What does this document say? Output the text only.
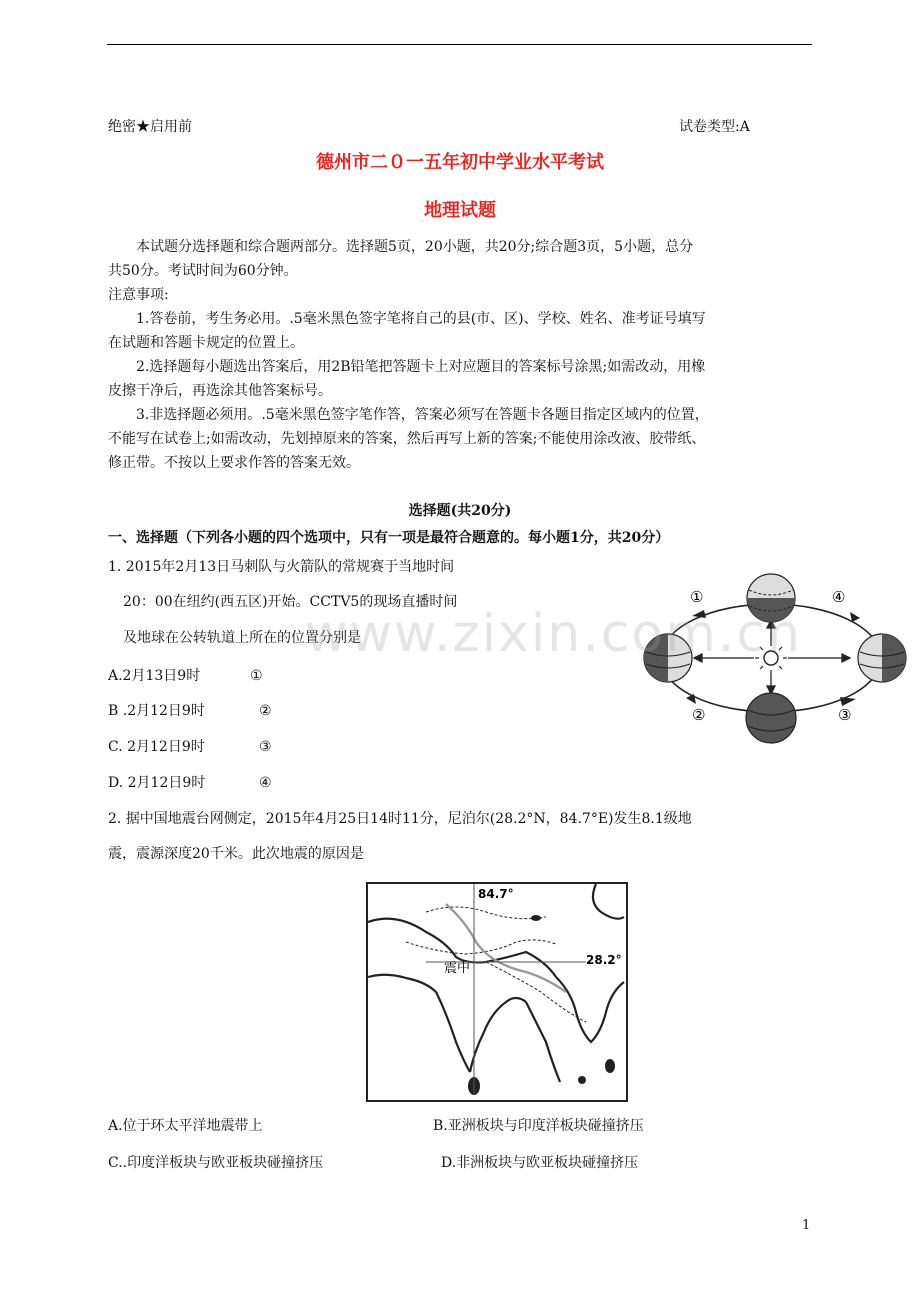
绝密★启用前	试卷类型:A
德州市二０一五年初中学业水平考试
地理试题
本试题分选择题和综合题两部分。选择题5页，20小题，共20分;综合题3页，5小题，总分
共50分。考试时间为60分钟。
注意事项:
1.答卷前，考生务必用。.5毫米黑色签字笔将自己的县(市、区)、学校、姓名、准考证号填写
在试题和答题卡规定的位置上。
2.选择题每小题选出答案后，用2B铅笔把答题卡上对应题目的答案标号涂黑;如需改动，用橡
皮擦干净后，再选涂其他答案标号。
3.非选择题必须用。.5毫米黑色签字笔作答，答案必须写在答题卡各题目指定区域内的位置，
不能写在试卷上;如需改动，先划掉原来的答案，然后再写上新的答案;不能使用涂改液、胶带纸、
修正带。不按以上要求作答的答案无效。
选择题(共20分)
一、选择题（下列各小题的四个选项中，只有一项是最符合题意的。每小题1分，共20分）
1. 2015年2月13日马刺队与火箭队的常规赛于当地时间
20：00在纽约(西五区)开始。CCTV5的现场直播时间
及地球在公转轨道上所在的位置分别是
A.2月13日9时	①
B .2月12日9时	②
C. 2月12日9时	③
D. 2月12日9时	④
①	④
②	③
www.zixin.com.cn
2. 据中国地震台网侧定，2015年4月25日14时11分，尼泊尔(28.2°N，84.7°E)发生8.1级地
震，震源深度20千米。此次地震的原因是
84.7°
28.2°
震中
A.位于环太平洋地震带上	B.亚洲板块与印度洋板块碰撞挤压
C..印度洋板块与欧亚板块碰撞挤压	D.非洲板块与欧亚板块碰撞挤压
1
